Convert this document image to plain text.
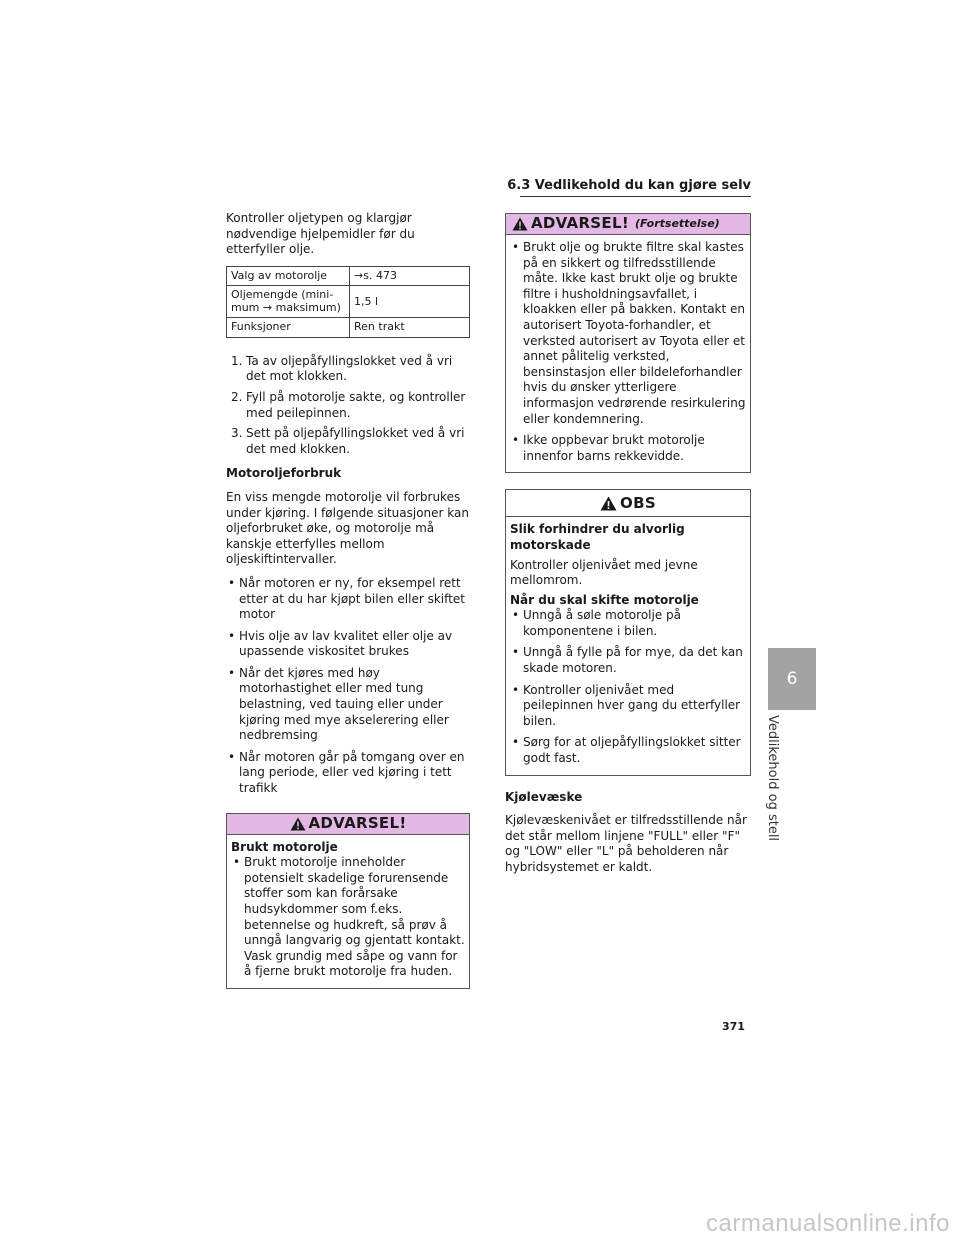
6.3 Vedlikehold du kan gjøre selv

Kontroller oljetypen og klargjør nødvendige hjelpemidler før du etterfyller olje.

Valg av motorolje	→s. 473
Oljemengde (mini-mum → maksimum)	1,5 l
Funksjoner	Ren trakt
1. Ta av oljepåfyllingslokket ved å vri det mot klokken.
2. Fyll på motorolje sakte, og kontroller med peilepinnen.
3. Sett på oljepåfyllingslokket ved å vri det med klokken.
Motoroljeforbruk

En viss mengde motorolje vil forbrukes under kjøring. I følgende situasjoner kan oljeforbruket øke, og motorolje må kanskje etterfylles mellom oljeskiftintervaller.

• Når motoren er ny, for eksempel rett etter at du har kjøpt bilen eller skiftet motor
• Hvis olje av lav kvalitet eller olje av upassende viskositet brukes
• Når det kjøres med høy motorhastighet eller med tung belastning, ved tauing eller under kjøring med mye akselerering eller nedbremsing
• Når motoren går på tomgang over en lang periode, eller ved kjøring i tett trafikk
ADVARSEL!
Brukt motorolje
• Brukt motorolje inneholder potensielt skadelige forurensende stoffer som kan forårsake hudsykdommer som f.eks. betennelse og hudkreft, så prøv å unngå langvarig og gjentatt kontakt. Vask grundig med såpe og vann for å fjerne brukt motorolje fra huden.
ADVARSEL! (Fortsettelse)
• Brukt olje og brukte filtre skal kastes på en sikkert og tilfredsstillende måte. Ikke kast brukt olje og brukte filtre i husholdningsavfallet, i kloakken eller på bakken. Kontakt en autorisert Toyota-forhandler, et verksted autorisert av Toyota eller et annet pålitelig verksted, bensinstasjon eller bildeleforhandler hvis du ønsker ytterligere informasjon vedrørende resirkulering eller kondemnering.
• Ikke oppbevar brukt motorolje innenfor barns rekkevidde.
OBS
Slik forhindrer du alvorlig motorskade

Kontroller oljenivået med jevne mellomrom.

Når du skal skifte motorolje
• Unngå å søle motorolje på komponentene i bilen.
• Unngå å fylle på for mye, da det kan skade motoren.
• Kontroller oljenivået med peilepinnen hver gang du etterfyller bilen.
• Sørg for at oljepåfyllingslokket sitter godt fast.
Kjølevæske

Kjølevæskenivået er tilfredsstillende når det står mellom linjene "FULL" eller "F" og "LOW" eller "L" på beholderen når hybridsystemet er kaldt.

6
Vedlikehold og stell
371
carmanualsonline.info
